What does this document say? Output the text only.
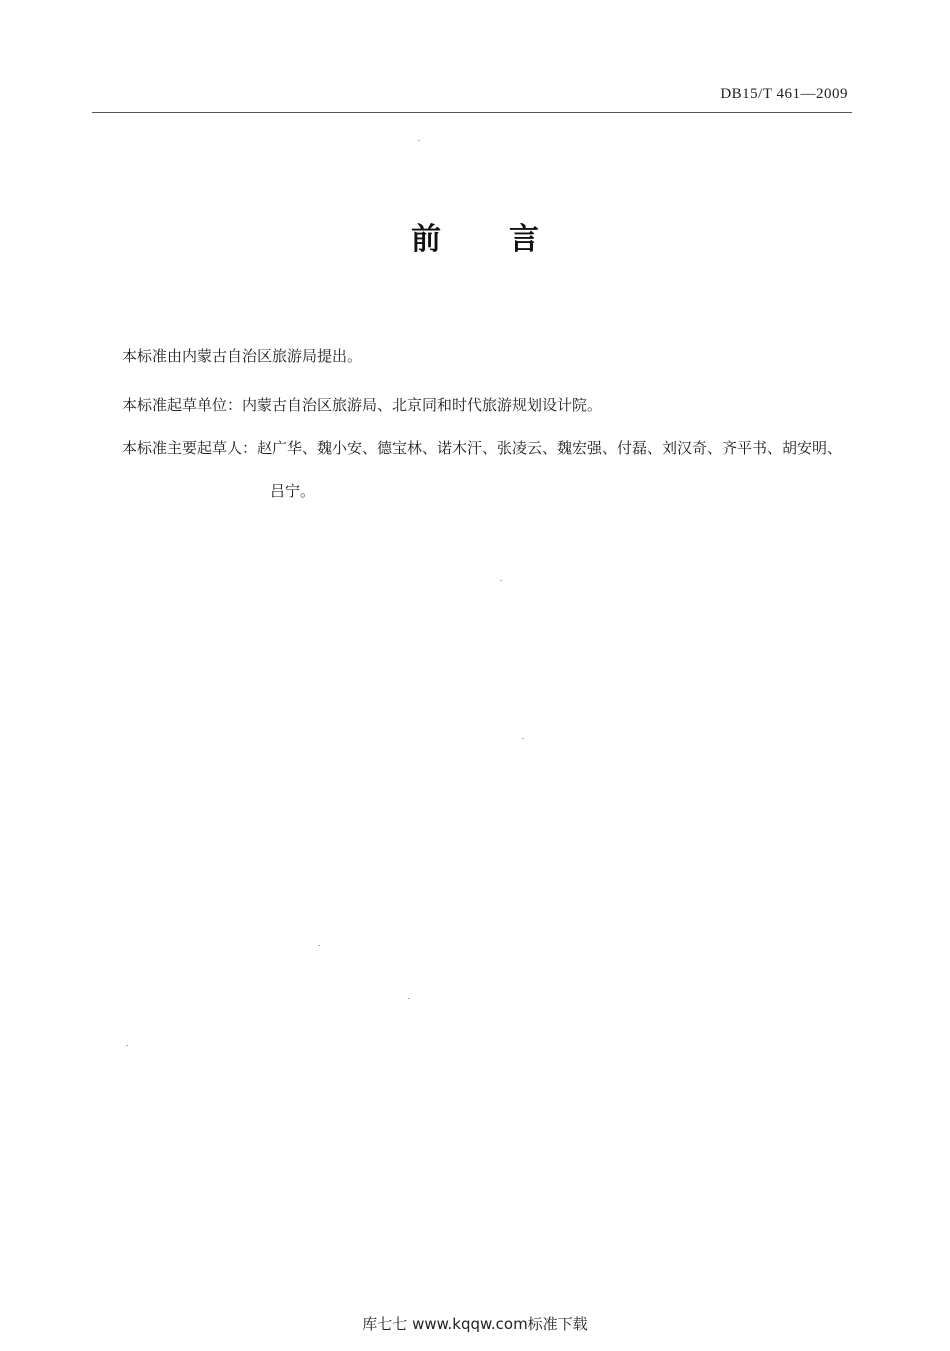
DB15/T 461—2009
前言
本标准由内蒙古自治区旅游局提出。
本标准起草单位：内蒙古自治区旅游局、北京同和时代旅游规划设计院。
本标准主要起草人：赵广华、魏小安、德宝林、诺木汗、张凌云、魏宏强、付磊、刘汉奇、齐平书、胡安明、
吕宁。
库七七 www.kqqw.com标准下载
